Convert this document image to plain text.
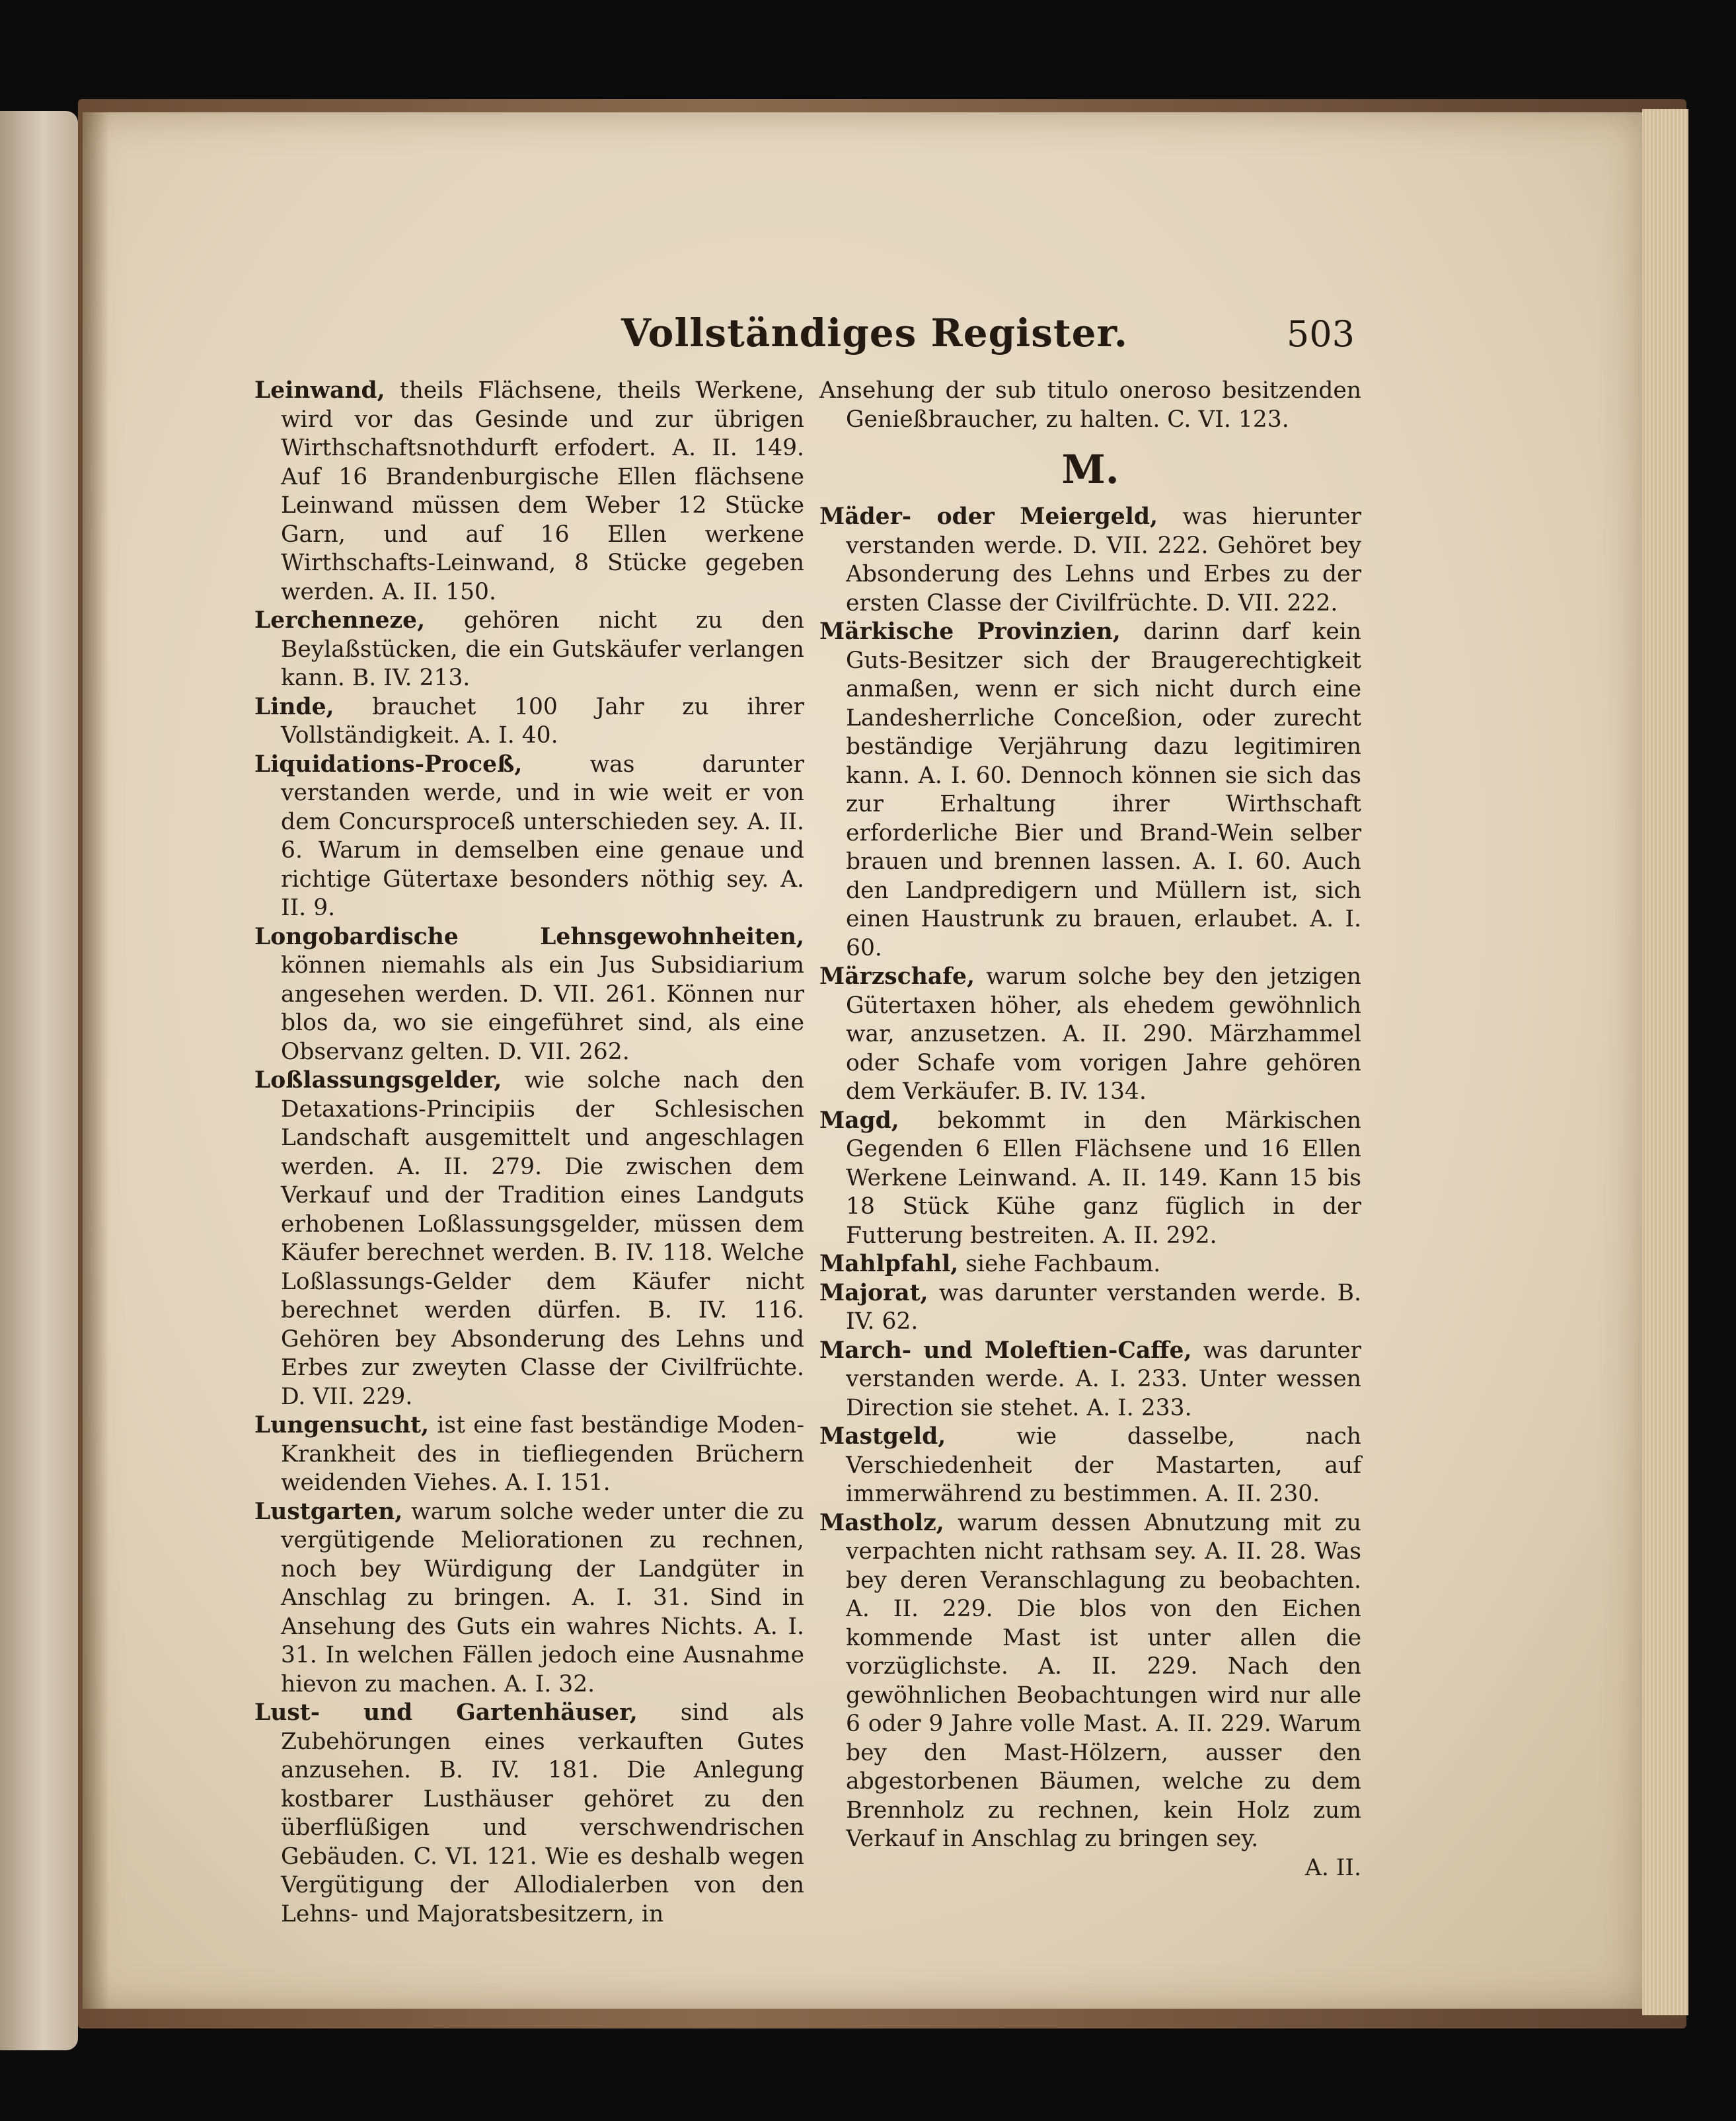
Vollständiges Register.	503

Leinwand, theils Flächsene, theils Werkene, wird vor das Gesinde und zur übrigen Wirthschaftsnothdurft erfodert. A. II. 149. Auf 16 Brandenburgische Ellen flächsene Leinwand müssen dem Weber 12 Stücke Garn, und auf 16 Ellen werkene Wirthschafts-Leinwand, 8 Stücke gegeben werden. A. II. 150.

Lerchenneze, gehören nicht zu den Beylaßstücken, die ein Gutskäufer verlangen kann. B. IV. 213.

Linde, brauchet 100 Jahr zu ihrer Vollständigkeit. A. I. 40.

Liquidations-Proceß,	was darunter verstanden werde, und in wie weit er von dem Concursproceß unterschieden sey. A. II. 6. Warum in demselben eine genaue und richtige Gütertaxe besonders nöthig sey. A. II. 9.

Longobardische Lehnsgewohnheiten, können niemahls als ein Jus Subsidiarium angesehen werden. D. VII. 261. Können nur blos da, wo sie eingeführet sind, als eine Observanz gelten. D. VII. 262.

Loßlassungsgelder, wie solche nach den Detaxations-Principiis der Schlesischen Landschaft ausgemittelt und angeschlagen werden. A. II. 279. Die zwischen dem Verkauf und der Tradition eines Landguts erhobenen Loßlassungsgelder, müssen dem Käufer berechnet werden. B. IV. 118. Welche Loßlassungs-Gelder dem Käufer nicht berechnet werden dürfen. B. IV. 116. Gehören bey Absonderung des Lehns und Erbes zur zweyten Classe der Civilfrüchte. D. VII. 229.

Lungensucht, ist eine fast beständige Moden-Krankheit des in tiefliegenden Brüchern weidenden Viehes. A. I. 151.

Lustgarten, warum solche weder unter die zu vergütigende Meliorationen zu rechnen, noch bey Würdigung der Landgüter in Anschlag zu bringen. A. I. 31. Sind in Ansehung des Guts ein wahres Nichts. A. I. 31. In welchen Fällen jedoch eine Ausnahme hievon zu machen. A. I. 32.

Lust- und Gartenhäuser, sind als Zubehörungen eines verkauften Gutes anzusehen. B. IV. 181. Die Anlegung kostbarer Lusthäuser gehöret zu den überflüßigen und verschwendrischen Gebäuden. C. VI. 121. Wie es deshalb wegen Vergütigung der Allodialerben von den Lehns- und Majoratsbesitzern, in

Ansehung der sub titulo oneroso besitzenden Genießbraucher, zu halten. C. VI. 123.

M.

Mäder- oder Meiergeld, was hierunter verstanden werde. D. VII. 222. Gehöret bey Absonderung des Lehns und Erbes zu der ersten Classe der Civilfrüchte. D. VII. 222.

Märkische Provinzien, darinn darf kein Guts-Besitzer sich der Braugerechtigkeit anmaßen, wenn er sich nicht durch eine Landesherrliche Conceßion, oder zurecht beständige Verjährung dazu legitimiren kann. A. I. 60. Dennoch können sie sich das zur Erhaltung ihrer Wirthschaft erforderliche Bier und Brand-Wein selber brauen und brennen lassen. A. I. 60. Auch den Landpredigern und Müllern ist, sich einen Haustrunk zu brauen, erlaubet. A. I. 60.

Märzschafe, warum solche bey den jetzigen Gütertaxen höher, als ehedem gewöhnlich war, anzusetzen. A. II. 290. Märzhammel oder Schafe vom vorigen Jahre gehören dem Verkäufer. B. IV. 134.

Magd, bekommt in den Märkischen Gegenden 6 Ellen Flächsene und 16 Ellen Werkene Leinwand. A. II. 149. Kann 15 bis 18 Stück Kühe ganz füglich in der Futterung bestreiten. A. II. 292.

Mahlpfahl, siehe Fachbaum.

Majorat, was darunter verstanden werde. B. IV. 62.

March- und Moleftien-Caffe, was darunter verstanden werde. A. I. 233. Unter wessen Direction sie stehet. A. I. 233.

Mastgeld,	wie dasselbe, nach Verschiedenheit der Mastarten, auf immerwährend zu bestimmen. A. II. 230.

Mastholz, warum dessen Abnutzung mit zu verpachten nicht rathsam sey. A. II. 28. Was bey deren Veranschlagung zu beobachten. A. II. 229. Die blos von den Eichen kommende Mast ist unter allen die vorzüglichste. A. II. 229. Nach den gewöhnlichen Beobachtungen wird nur alle 6 oder 9 Jahre volle Mast. A. II. 229. Warum bey den Mast-Hölzern, ausser den abgestorbenen Bäumen, welche zu dem Brennholz zu rechnen, kein Holz zum Verkauf in Anschlag zu bringen sey.

A. II.
